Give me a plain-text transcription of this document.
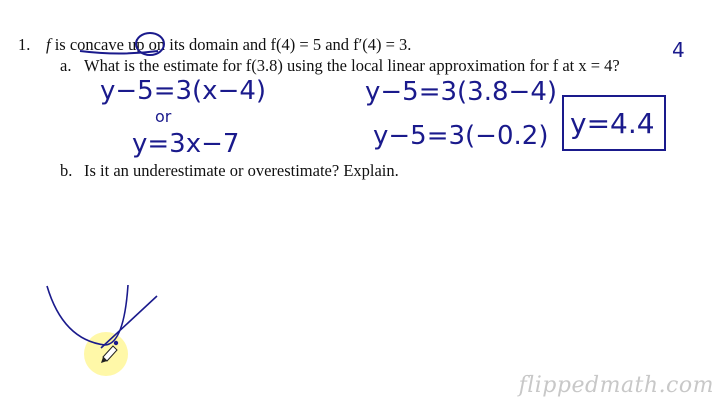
1. f is concave up on its domain and f(4) = 5 and f′(4) = 3.
a. What is the estimate for f(3.8) using the local linear approximation for f at x = 4?
b. Is it an underestimate or overestimate? Explain.
4
y−5=3(x−4)
or
y=3x−7
y−5=3(3.8−4)
y−5=3(−0.2) y=4.4
flippedmath.com
